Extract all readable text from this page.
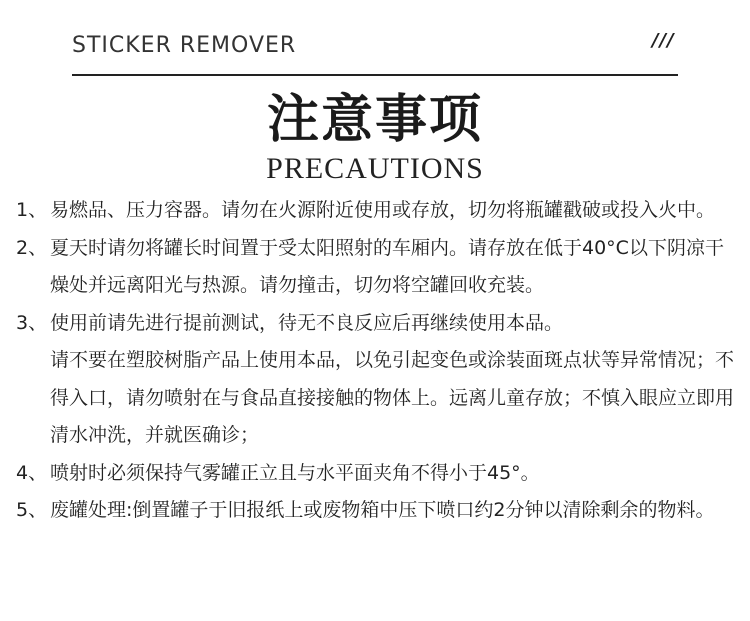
STICKER REMOVER	///
注意事项
PRECAUTIONS
1、 易燃品、压力容器。请勿在火源附近使用或存放，切勿将瓶罐戳破或投入火中。
2、 夏天时请勿将罐长时间置于受太阳照射的车厢内。请存放在低于40°C以下阴凉干燥处并远离阳光与热源。请勿撞击，切勿将空罐回收充装。
3、 使用前请先进行提前测试，待无不良反应后再继续使用本品。
请不要在塑胶树脂产品上使用本品，以免引起变色或涂装面斑点状等异常情况；不得入口，请勿喷射在与食品直接接触的物体上。远离儿童存放；不慎入眼应立即用清水冲洗，并就医确诊；
4、 喷射时必须保持气雾罐正立且与水平面夹角不得小于45°。
5、 废罐处理:倒置罐子于旧报纸上或废物箱中压下喷口约2分钟以清除剩余的物料。
